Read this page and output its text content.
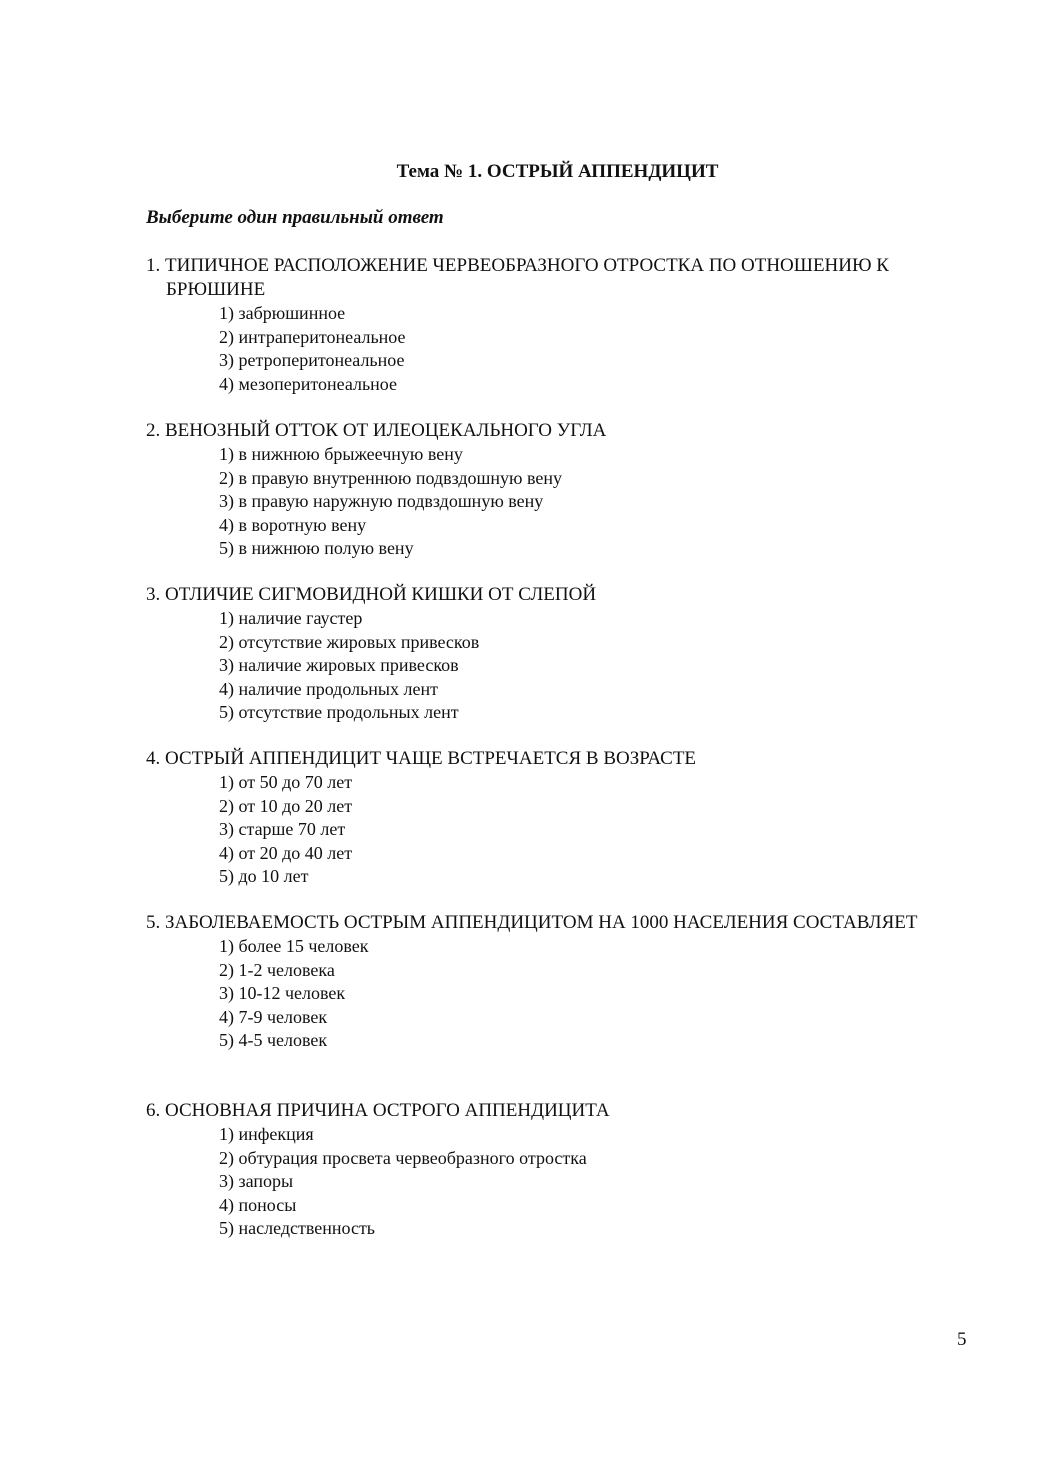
Тема № 1. ОСТРЫЙ АППЕНДИЦИТ
Выберите один правильный ответ

1. ТИПИЧНОЕ РАСПОЛОЖЕНИЕ ЧЕРВЕОБРАЗНОГО ОТРОСТКА ПО ОТНОШЕНИЮ К БРЮШИНЕ

1) забрюшинное
2) интраперитонеальное
3) ретроперитонеальное
4) мезоперитонеальное

2. ВЕНОЗНЫЙ ОТТОК ОТ ИЛЕОЦЕКАЛЬНОГО УГЛА

1) в нижнюю брыжеечную вену
2) в правую внутреннюю подвздошную вену
3) в правую наружную подвздошную вену
4) в воротную вену
5) в нижнюю полую вену

3. ОТЛИЧИЕ СИГМОВИДНОЙ КИШКИ ОТ СЛЕПОЙ

1) наличие гаустер
2) отсутствие жировых привесков
3) наличие жировых привесков
4) наличие продольных лент
5) отсутствие продольных лент

4. ОСТРЫЙ АППЕНДИЦИТ ЧАЩЕ ВСТРЕЧАЕТСЯ В ВОЗРАСТЕ

1) от 50 до 70 лет
2) от 10 до 20 лет
3) старше 70 лет
4) от 20 до 40 лет
5) до 10 лет

5. ЗАБОЛЕВАЕМОСТЬ ОСТРЫМ АППЕНДИЦИТОМ НА 1000 НАСЕЛЕНИЯ СОСТАВЛЯЕТ

1) более 15 человек
2) 1-2 человека
3) 10-12 человек
4) 7-9 человек
5) 4-5 человек

6. ОСНОВНАЯ ПРИЧИНА ОСТРОГО АППЕНДИЦИТА

1) инфекция
2) обтурация просвета червеобразного отростка
3) запоры
4) поносы
5) наследственность
5
